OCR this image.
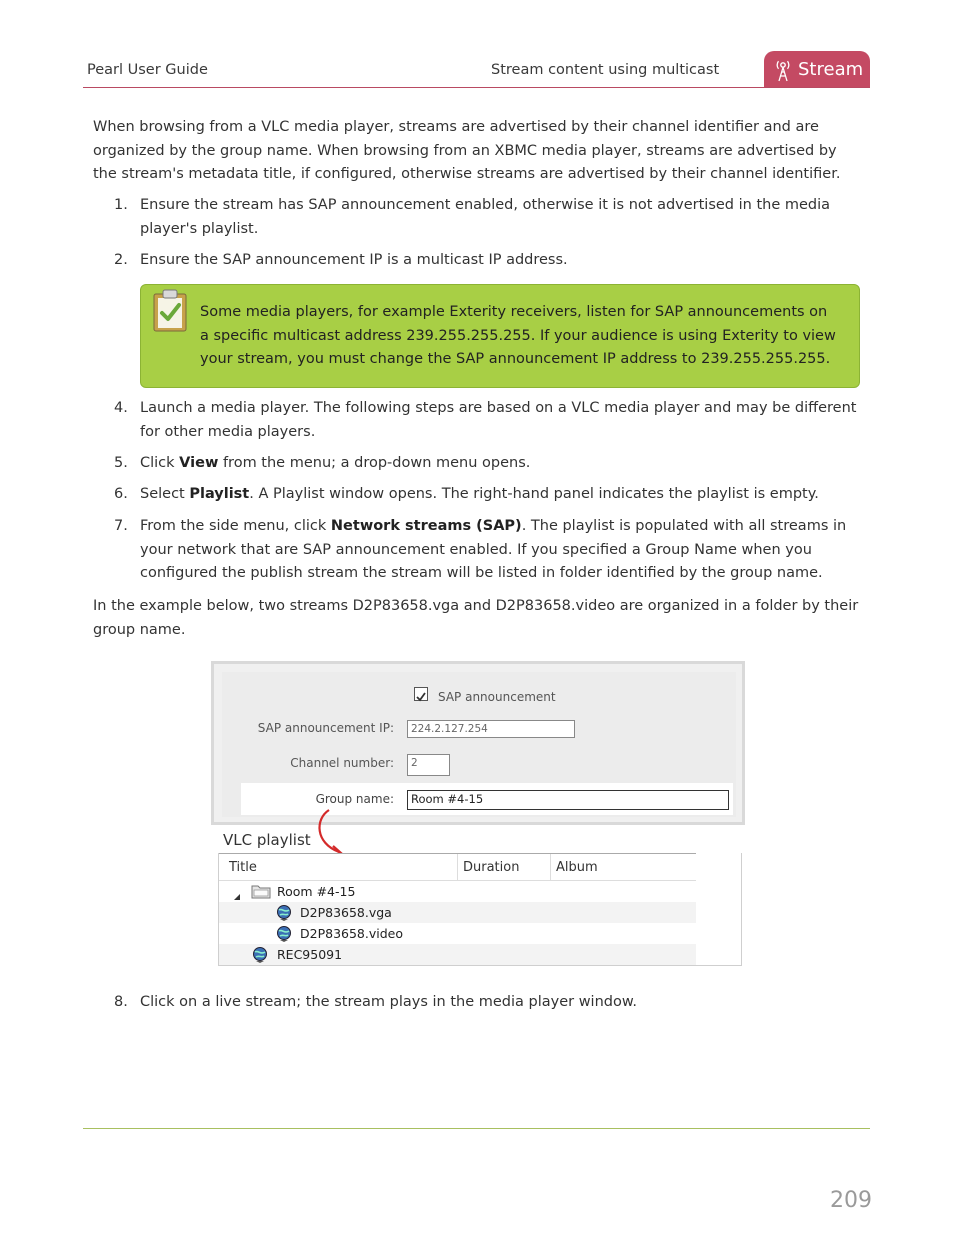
Pearl User Guide	Stream content using multicast	Stream
When browsing from a VLC media player, streams are advertised by their channel identifier and are organized by the group name. When browsing from an XBMC media player, streams are advertised by the stream's metadata title, if configured, otherwise streams are advertised by their channel identifier.
1. Ensure the stream has SAP announcement enabled, otherwise it is not advertised in the media player's playlist.
2. Ensure the SAP announcement IP is a multicast IP address.
Some media players, for example Exterity receivers, listen for SAP announcements on a specific multicast address 239.255.255.255. If your audience is using Exterity to view your stream, you must change the SAP announcement IP address to 239.255.255.255.
4. Launch a media player. The following steps are based on a VLC media player and may be different for other media players.
5. Click View from the menu; a drop-down menu opens.
6. Select Playlist. A Playlist window opens. The right-hand panel indicates the playlist is empty.
7. From the side menu, click Network streams (SAP). The playlist is populated with all streams in your network that are SAP announcement enabled. If you specified a Group Name when you configured the publish stream the stream will be listed in folder identified by the group name.
In the example below, two streams D2P83658.vga and D2P83658.video are organized in a folder by their group name.
SAP announcement
SAP announcement IP:	224.2.127.254
Channel number:	2
Group name:	Room #4-15
VLC playlist
Title	Duration	Album
Room #4-15
D2P83658.vga
D2P83658.video
REC95091
8. Click on a live stream; the stream plays in the media player window.
209
